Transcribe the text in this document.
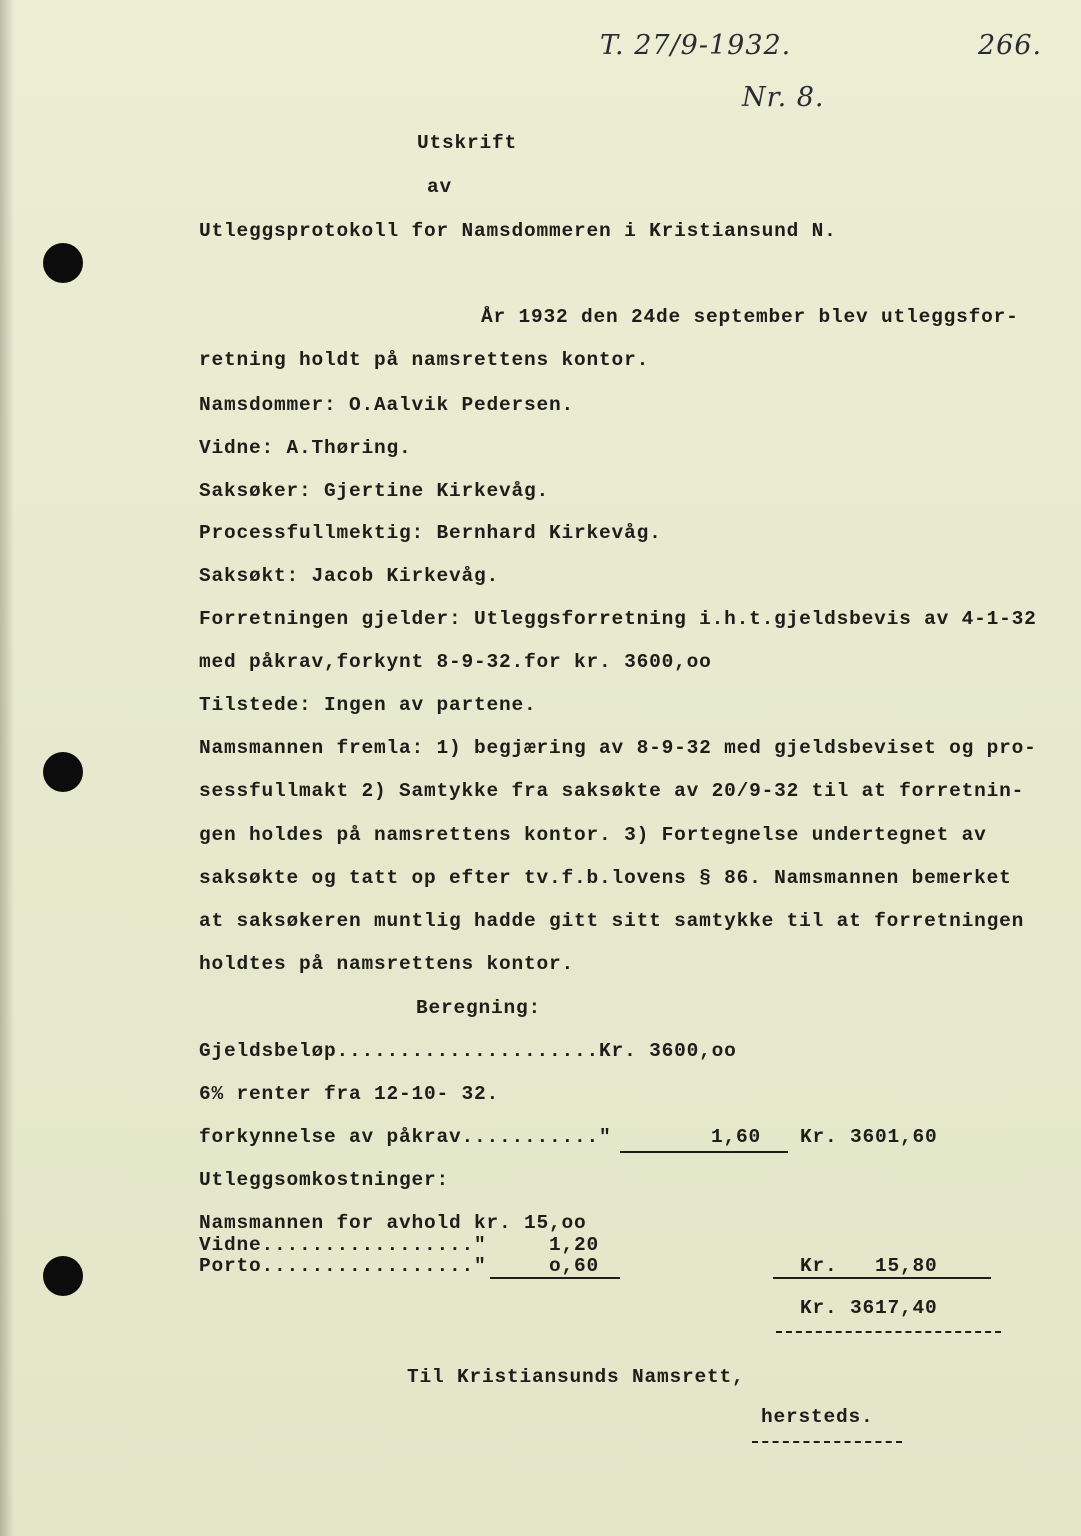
T. 27/9-1932.	266.
Nr. 8.
Utskrift
av
Utleggsprotokoll for Namsdommeren i Kristiansund N.
År 1932 den 24de september blev utleggsfor-
retning holdt på namsrettens kontor.
Namsdommer: O.Aalvik Pedersen.
Vidne: A.Thøring.
Saksøker: Gjertine Kirkevåg.
Processfullmektig: Bernhard Kirkevåg.
Saksøkt: Jacob Kirkevåg.
Forretningen gjelder: Utleggsforretning i.h.t.gjeldsbevis av 4-1-32
med påkrav,forkynt 8-9-32.for kr. 3600,oo
Tilstede: Ingen av partene.
Namsmannen fremla: 1) begjæring av 8-9-32 med gjeldsbeviset og pro-
sessfullmakt 2) Samtykke fra saksøkte av 20/9-32 til at forretnin-
gen holdes på namsrettens kontor. 3) Fortegnelse undertegnet av
saksøkte og tatt op efter tv.f.b.lovens § 86. Namsmannen bemerket
at saksøkeren muntlig hadde gitt sitt samtykke til at forretningen
holdtes på namsrettens kontor.
Beregning:
Gjeldsbeløp.....................Kr. 3600,oo
6% renter fra 12-10- 32.
forkynnelse av påkrav..........."	1,60 Kr. 3601,60
Utleggsomkostninger:
Namsmannen for avhold kr. 15,oo
Vidne................."	1,20
Porto................."	o,60	Kr.   15,80
Kr. 3617,40
Til Kristiansunds Namsrett,
hersteds.
